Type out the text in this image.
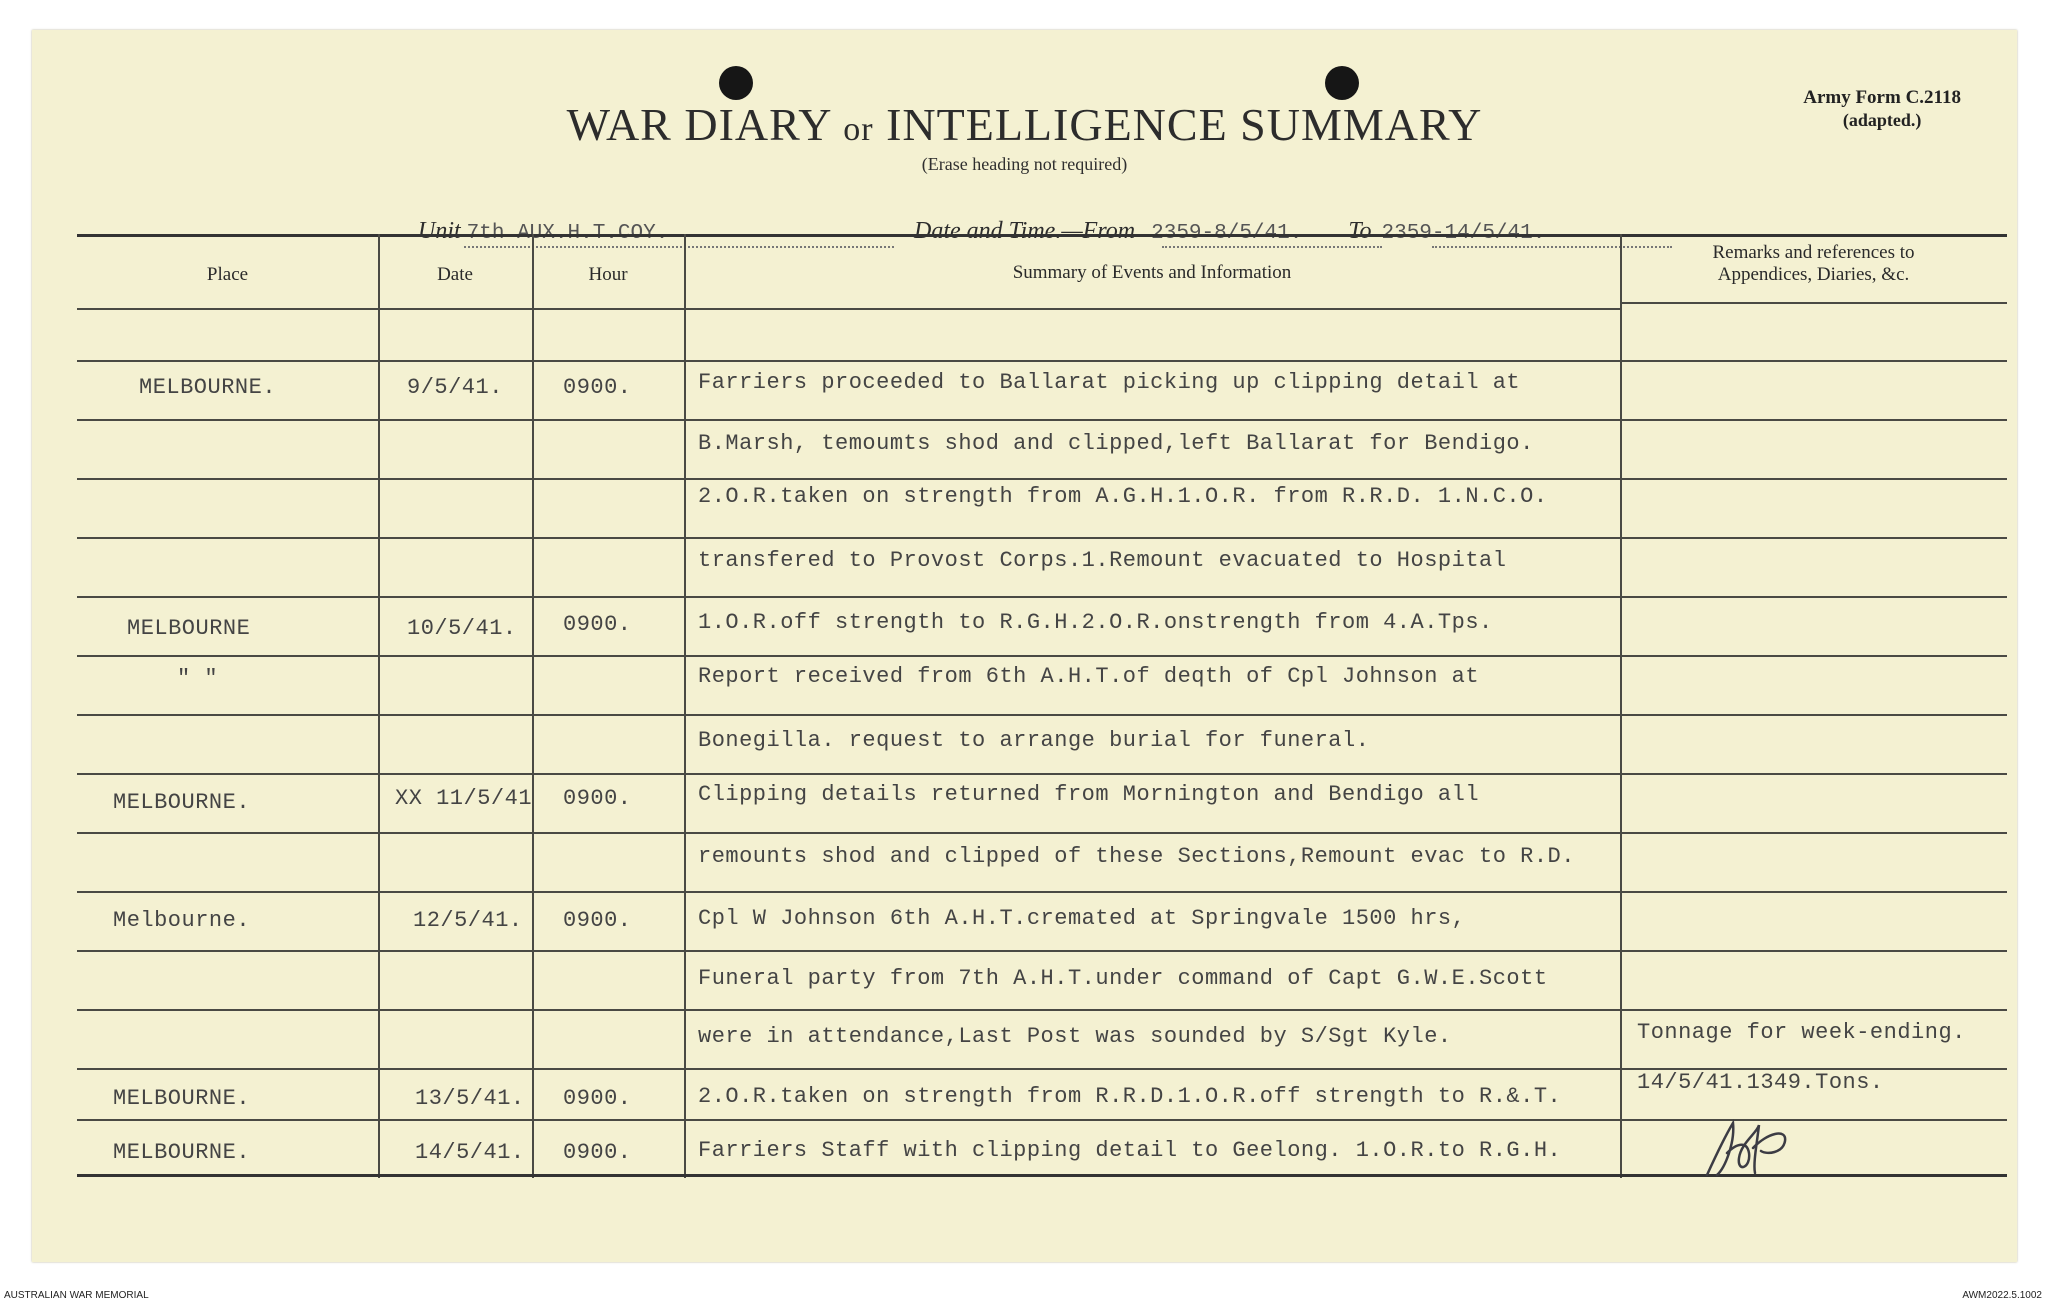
WAR DIARY or INTELLIGENCE SUMMARY
(Erase heading not required)
Army Form C.2118
(adapted.)
Unit 7th AUX.H.T.COY.	Date and Time.—From 2359-8/5/41. To 2359-14/5/41.
Place	Date	Hour	Summary of Events and Information
Remarks and references to
Appendices, Diaries, &c.
MELBOURNE.	9/5/41.	0900.	Farriers proceeded to Ballarat picking up clipping detail at
B.Marsh, temoumts shod and clipped,left Ballarat for Bendigo.
2.O.R.taken on strength from A.G.H.1.O.R. from R.R.D. 1.N.C.O.
transfered to Provost Corps.1.Remount evacuated to Hospital
MELBOURNE	10/5/41. 0900.	1.O.R.off strength to R.G.H.2.O.R.onstrength from 4.A.Tps.
" "	Report received from 6th A.H.T.of deqth of Cpl Johnson at
Bonegilla. request to arrange burial for funeral.
MELBOURNE.	XX 11/5/41 0900.	Clipping details returned from Mornington and Bendigo all
remounts shod and clipped of these Sections,Remount evac to R.D.
Melbourne.	12/5/41. 0900.	Cpl W Johnson 6th A.H.T.cremated at Springvale 1500 hrs,
Funeral party from 7th A.H.T.under command of Capt G.W.E.Scott
were in attendance,Last Post was sounded by S/Sgt Kyle.	Tonnage for week-ending.
MELBOURNE.	13/5/41. 0900.	2.O.R.taken on strength from R.R.D.1.O.R.off strength to R.&.T.
14/5/41.1349.Tons.
MELBOURNE.	14/5/41. 0900.	Farriers Staff with clipping detail to Geelong. 1.O.R.to R.G.H.
AUSTRALIAN WAR MEMORIAL	AWM2022.5.1002
